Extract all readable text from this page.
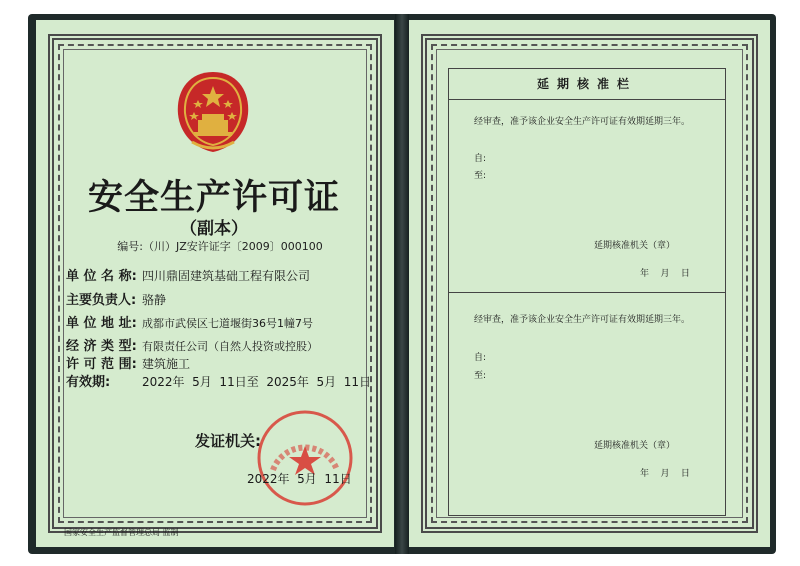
安全生产许可证
（副本）
编号:（川）JZ安许证字〔2009〕000100
单 位 名 称: 四川鼎固建筑基础工程有限公司
主要负责人: 骆静
单 位 地 址: 成都市武侯区七道堰街36号1幢7号
经 济 类 型: 有限责任公司（自然人投资或控股）
许 可 范 围: 建筑施工
有效期:	2022年  5月  11日至  2025年  5月  11日
发证机关:
2022年  5月  11日
国家安全生产监督管理总局 监制
延期核准栏
经审查，准予该企业安全生产许可证有效期延期三年。
自:
至:
延期核准机关（章）
年    月    日
经审查，准予该企业安全生产许可证有效期延期三年。
自:
至:
延期核准机关（章）
年    月    日
